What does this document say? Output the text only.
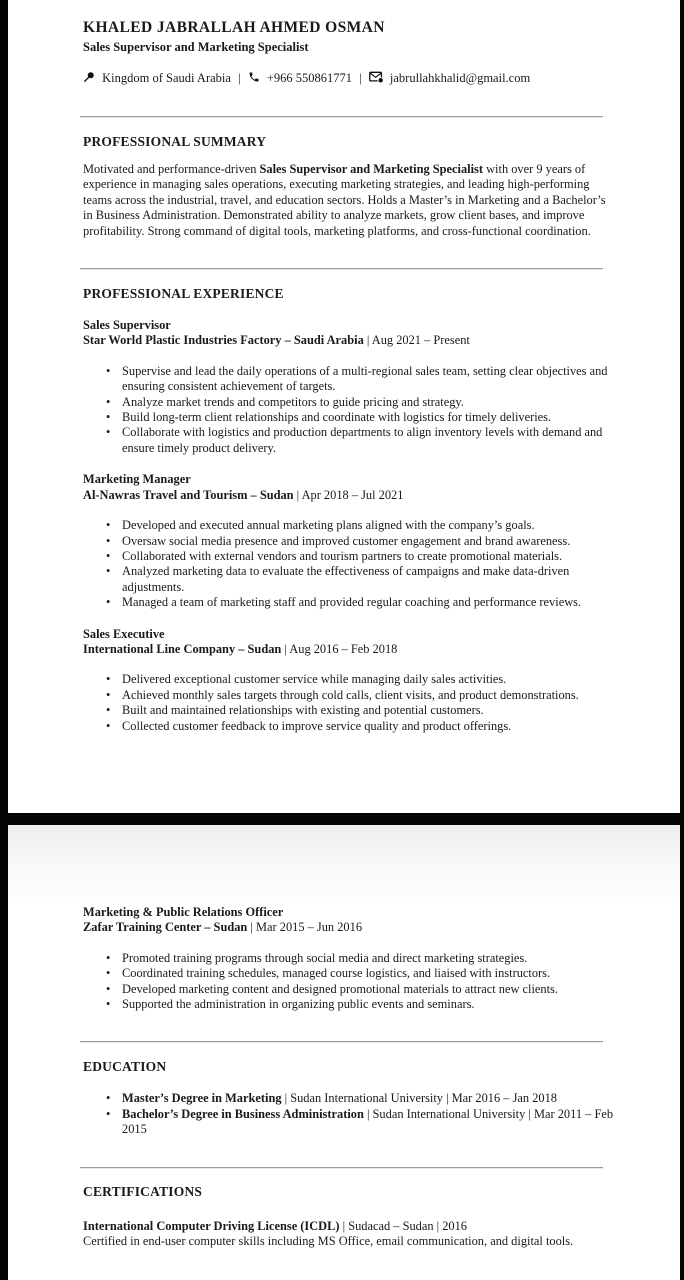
KHALED JABRALLAH AHMED OSMAN
Sales Supervisor and Marketing Specialist
Kingdom of Saudi Arabia | +966 550861771 | jabrullahkhalid@gmail.com
PROFESSIONAL SUMMARY

Motivated and performance-driven Sales Supervisor and Marketing Specialist with over 9 years of experience in managing sales operations, executing marketing strategies, and leading high-performing teams across the industrial, travel, and education sectors. Holds a Master’s in Marketing and a Bachelor’s in Business Administration. Demonstrated ability to analyze markets, grow client bases, and improve profitability. Strong command of digital tools, marketing platforms, and cross-functional coordination.

PROFESSIONAL EXPERIENCE
Sales Supervisor
Star World Plastic Industries Factory – Saudi Arabia | Aug 2021 – Present
• Supervise and lead the daily operations of a multi-regional sales team, setting clear objectives and ensuring consistent achievement of targets.
• Analyze market trends and competitors to guide pricing and strategy.
• Build long-term client relationships and coordinate with logistics for timely deliveries.
• Collaborate with logistics and production departments to align inventory levels with demand and ensure timely product delivery.
Marketing Manager
Al-Nawras Travel and Tourism – Sudan | Apr 2018 – Jul 2021
• Developed and executed annual marketing plans aligned with the company’s goals.
• Oversaw social media presence and improved customer engagement and brand awareness.
• Collaborated with external vendors and tourism partners to create promotional materials.
• Analyzed marketing data to evaluate the effectiveness of campaigns and make data-driven adjustments.
• Managed a team of marketing staff and provided regular coaching and performance reviews.
Sales Executive
International Line Company – Sudan | Aug 2016 – Feb 2018
• Delivered exceptional customer service while managing daily sales activities.
• Achieved monthly sales targets through cold calls, client visits, and product demonstrations.
• Built and maintained relationships with existing and potential customers.
• Collected customer feedback to improve service quality and product offerings.
Marketing & Public Relations Officer
Zafar Training Center – Sudan | Mar 2015 – Jun 2016
• Promoted training programs through social media and direct marketing strategies.
• Coordinated training schedules, managed course logistics, and liaised with instructors.
• Developed marketing content and designed promotional materials to attract new clients.
• Supported the administration in organizing public events and seminars.
EDUCATION
• Master’s Degree in Marketing | Sudan International University | Mar 2016 – Jan 2018
• Bachelor’s Degree in Business Administration | Sudan International University | Mar 2011 – Feb 2015
CERTIFICATIONS
International Computer Driving License (ICDL) | Sudacad – Sudan | 2016
Certified in end-user computer skills including MS Office, email communication, and digital tools.
